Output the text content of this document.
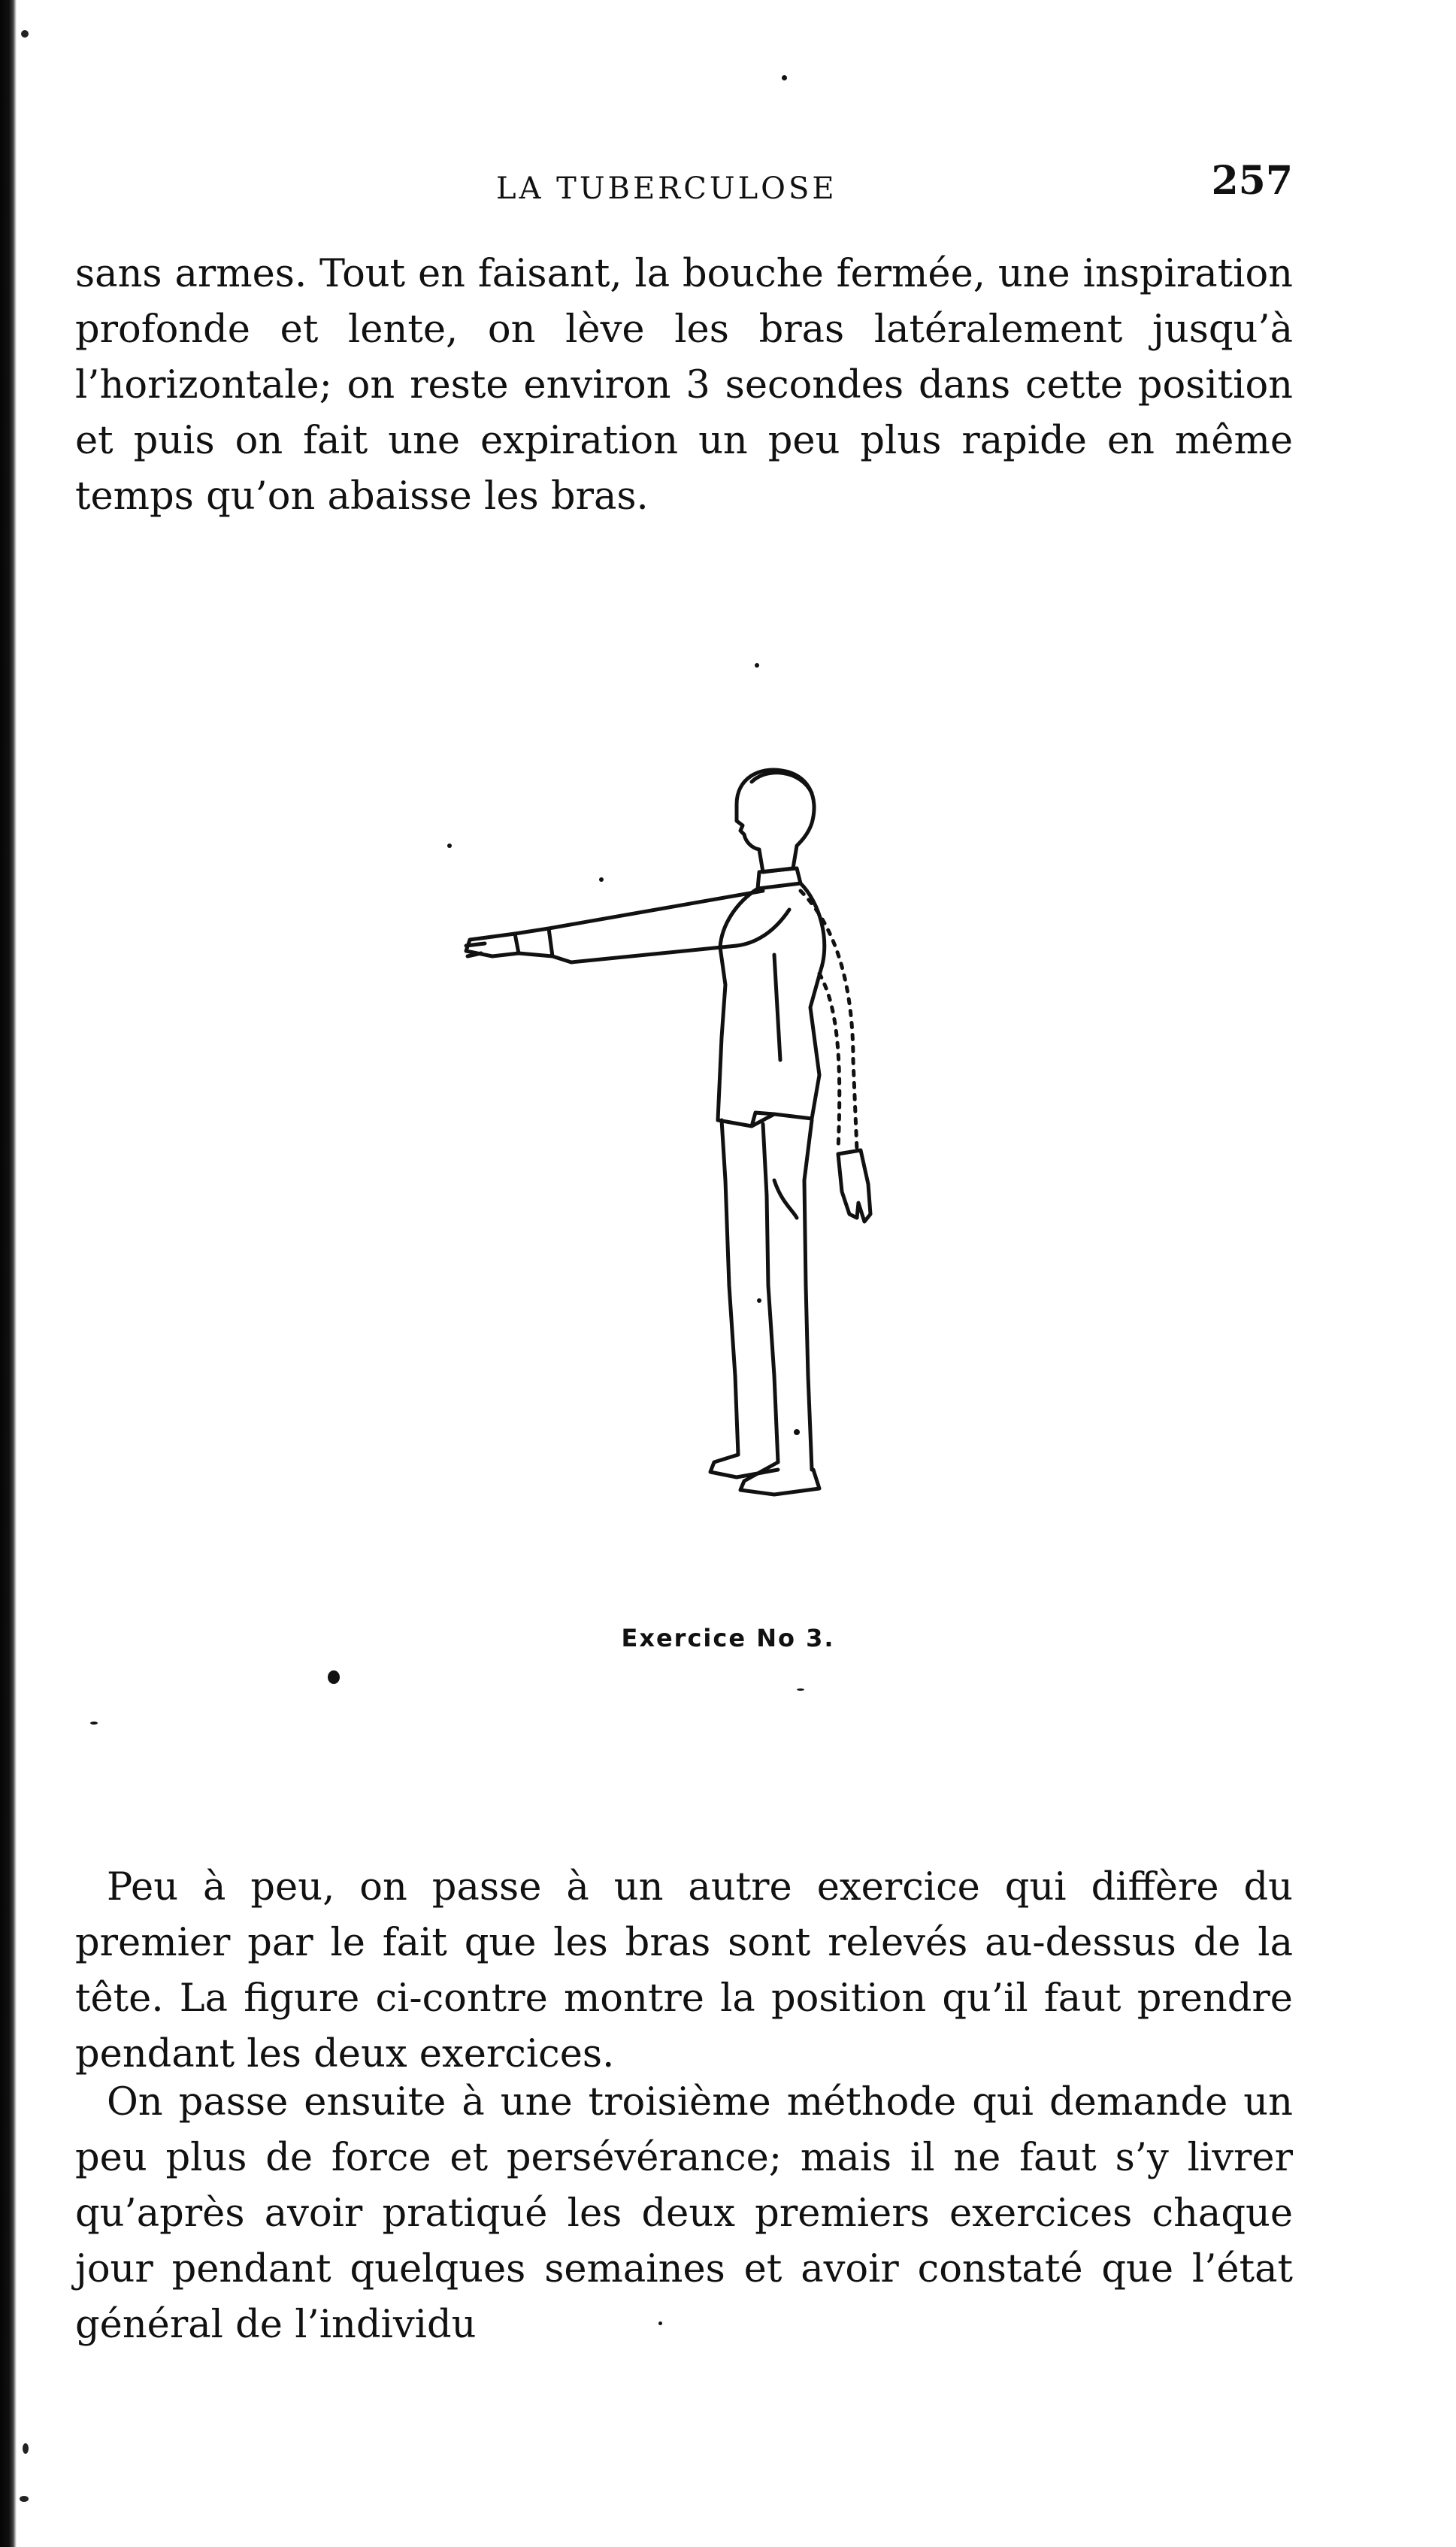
LA TUBERCULOSE	257

sans armes. Tout en faisant, la bouche fermée, une inspiration profonde et lente, on lève les bras latéralement jusqu’à l’horizontale; on reste environ 3 secondes dans cette position et puis on fait une expiration un peu plus rapide en même temps qu’on abaisse les bras.

Exercice No 3.

Peu à peu, on passe à un autre exercice qui diffère du premier par le fait que les bras sont relevés au-dessus de la tête. La figure ci-contre montre la position qu’il faut prendre pendant les deux exercices.

On passe ensuite à une troisième méthode qui demande un peu plus de force et persévérance; mais il ne faut s’y livrer qu’après avoir pratiqué les deux premiers exercices chaque jour pendant quelques semaines et avoir constaté que l’état général de l’individu
